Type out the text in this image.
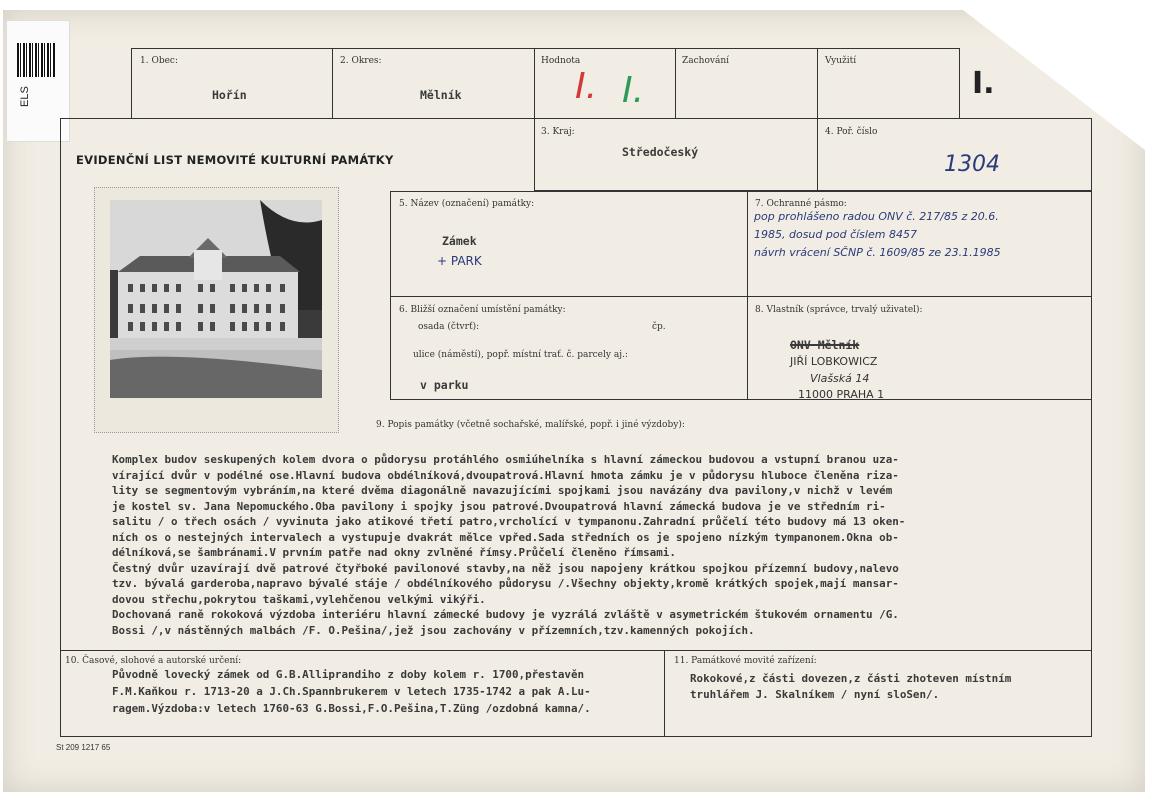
ELS
1. Obec:
Hořín
2. Okres:
Mělník
Hodnota
I.
Zachování
I.
Využití
I.
EVIDENČNÍ LIST NEMOVITÉ KULTURNÍ PAMÁTKY
3. Kraj:
Středočeský
4. Poř. číslo
1304
5. Název (označení) památky:
Zámek
+ PARK
7. Ochranné pásmo:
pop prohlášeno radou ONV č. 217/85 z 20.6.
1985, dosud pod číslem 8457
návrh vrácení SČNP č. 1609/85 ze 23.1.1985
6. Bližší označení umístění památky:
osada (čtvrť):	čp.
ulice (náměstí), popř. místní trať. č. parcely aj.:
v parku
8. Vlastník (správce, trvalý uživatel):
ONV Mělník
JIŘÍ LOBKOWICZ
Vlašská 14
11000 PRAHA 1
9. Popis památky (včetně sochařské, malířské, popř. i jiné výzdoby):
Komplex budov seskupených kolem dvora o půdorysu protáhlého osmiúhelníka s hlavní zámeckou budovou a vstupní branou uza-
vírající dvůr v podélné ose.Hlavní budova obdélníková,dvoupatrová.Hlavní hmota zámku je v půdorysu hluboce členěna riza-
lity se segmentovým vybráním,na které dvěma diagonálně navazujícími spojkami jsou navázány dva pavilony,v nichž v levém
je kostel sv. Jana Nepomuckého.Oba pavilony i spojky jsou patrové.Dvoupatrová hlavní zámecká budova je ve středním ri-
salitu / o třech osách / vyvinuta jako atikové třetí patro,vrcholící v tympanonu.Zahradní průčelí této budovy má 13 oken-
ních os o nestejných intervalech a vystupuje dvakrát mělce vpřed.Sada středních os je spojeno nízkým tympanonem.Okna ob-
délníková,se šambránami.V prvním patře nad okny zvlněné římsy.Průčelí členěno římsami.
Čestný dvůr uzavírají dvě patrové čtyřboké pavilonové stavby,na něž jsou napojeny krátkou spojkou přízemní budovy,nalevo
tzv. bývalá garderoba,napravo bývalé stáje / obdélníkového půdorysu /.Všechny objekty,kromě krátkých spojek,mají mansar-
dovou střechu,pokrytou taškami,vylehčenou velkými vikýři.
Dochovaná raně rokoková výzdoba interiéru hlavní zámecké budovy je vyzrálá zvláště v asymetrickém štukovém ornamentu /G.
Bossi /,v nástěnných malbách /F. O.Pešina/,jež jsou zachovány v přízemních,tzv.kamenných pokojích.
10. Časové, slohové a autorské určení:
Původně lovecký zámek od G.B.Alliprandiho z doby kolem r. 1700,přestavěn
F.M.Kaňkou r. 1713-20 a J.Ch.Spannbrukerem v letech 1735-1742 a pak A.Lu-
ragem.Výzdoba:v letech 1760-63 G.Bossi,F.O.Pešina,T.Züng /ozdobná kamna/.
11. Památkové movité zařízení:
Rokokové,z části dovezen,z části zhoteven místním
truhlářem J. Skalníkem / nyní sloSen/.
St 209 1217 65
